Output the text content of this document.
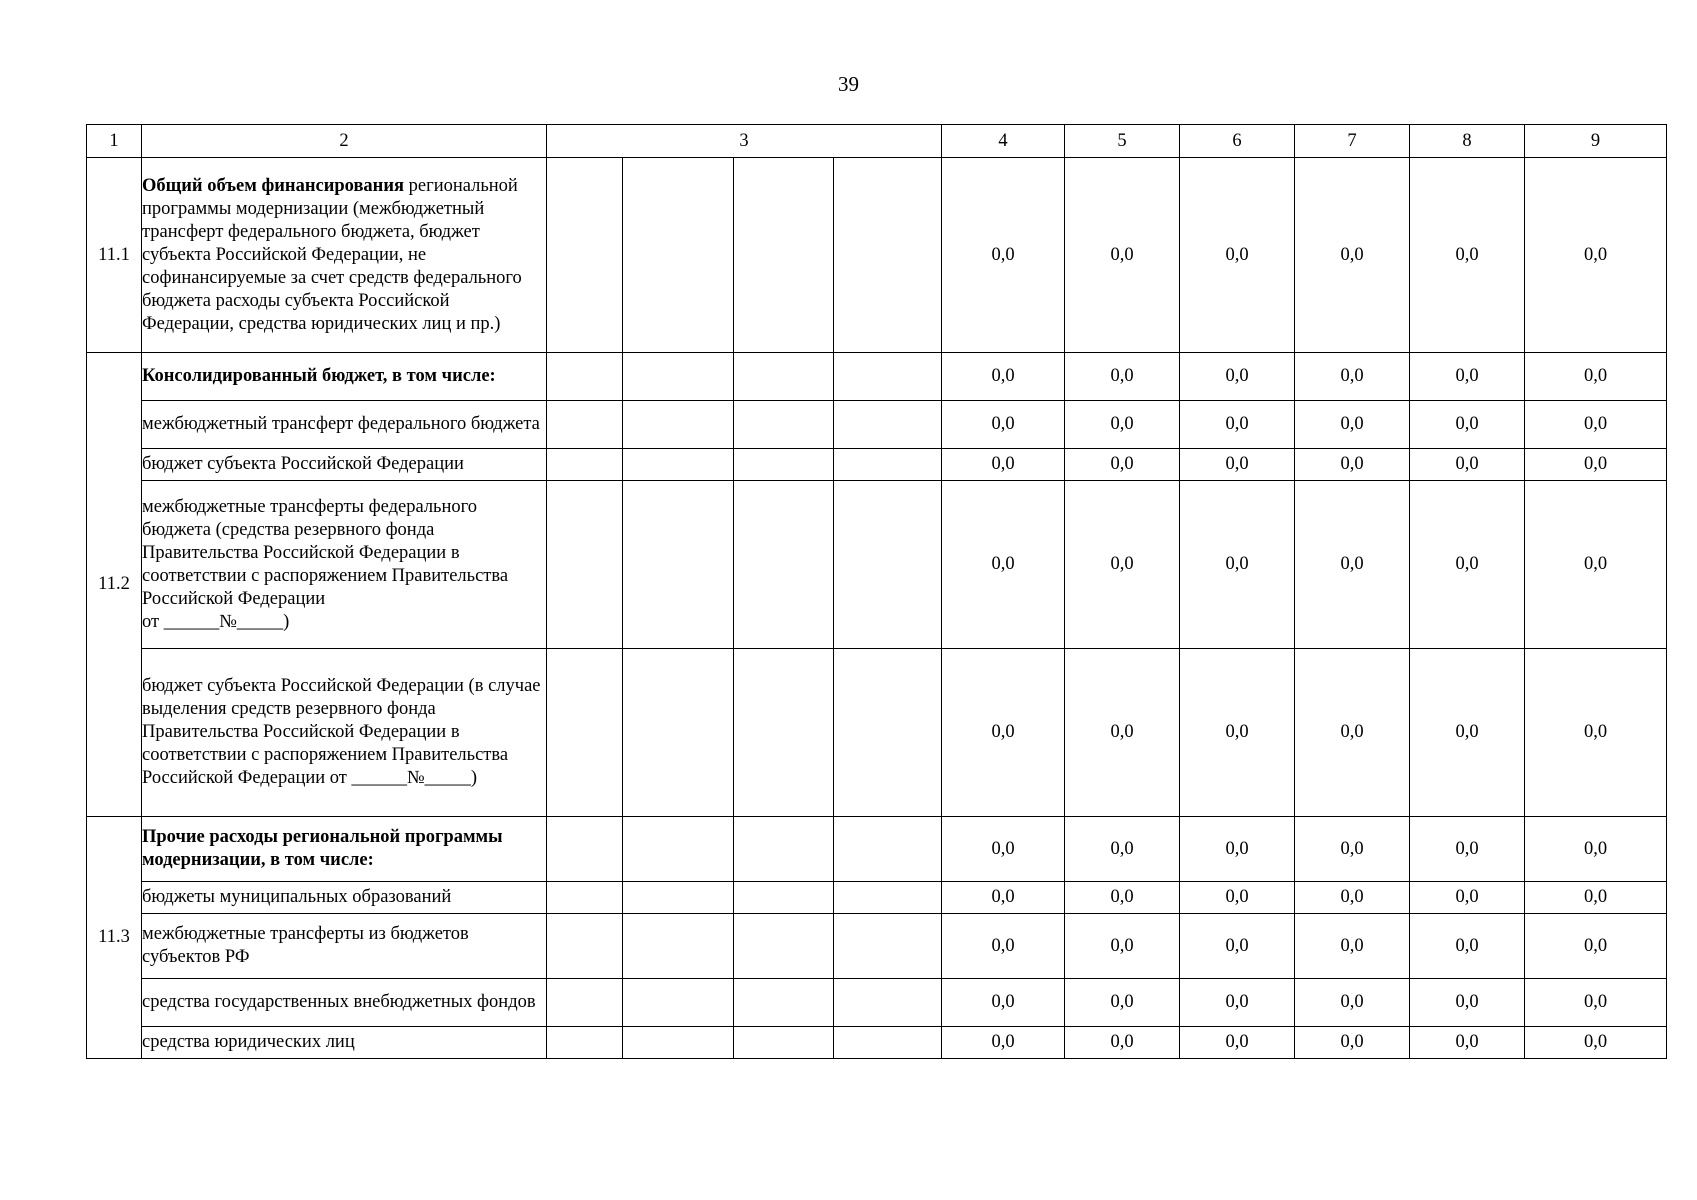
39
1	2	3				4	5	6	7	8	9
11.1	Общий объем финансирования региональной программы модернизации (межбюджетный трансферт федерального бюджета, бюджет субъекта Российской Федерации, не софинансируемые за счет средств федерального бюджета расходы субъекта Российской Федерации, средства юридических лиц и пр.)					0,0	0,0	0,0	0,0	0,0	0,0
11.2	Консолидированный бюджет, в том числе:					0,0	0,0	0,0	0,0	0,0	0,0
	межбюджетный трансферт федерального бюджета					0,0	0,0	0,0	0,0	0,0	0,0
	бюджет субъекта Российской Федерации					0,0	0,0	0,0	0,0	0,0	0,0
	межбюджетные трансферты федерального бюджета (средства резервного фонда Правительства Российской Федерации в соответствии с распоряжением Правительства Российской Федерации
от ______№_____)					0,0	0,0	0,0	0,0	0,0	0,0
	бюджет субъекта Российской Федерации (в случае выделения средств резервного фонда Правительства Российской Федерации в соответствии с распоряжением Правительства Российской Федерации от ______№_____)					0,0	0,0	0,0	0,0	0,0	0,0
11.3	Прочие расходы региональной программы модернизации, в том числе:					0,0	0,0	0,0	0,0	0,0	0,0
	бюджеты муниципальных образований					0,0	0,0	0,0	0,0	0,0	0,0
	межбюджетные трансферты из бюджетов субъектов РФ					0,0	0,0	0,0	0,0	0,0	0,0
	средства государственных внебюджетных фондов					0,0	0,0	0,0	0,0	0,0	0,0
	средства юридических лиц					0,0	0,0	0,0	0,0	0,0	0,0
